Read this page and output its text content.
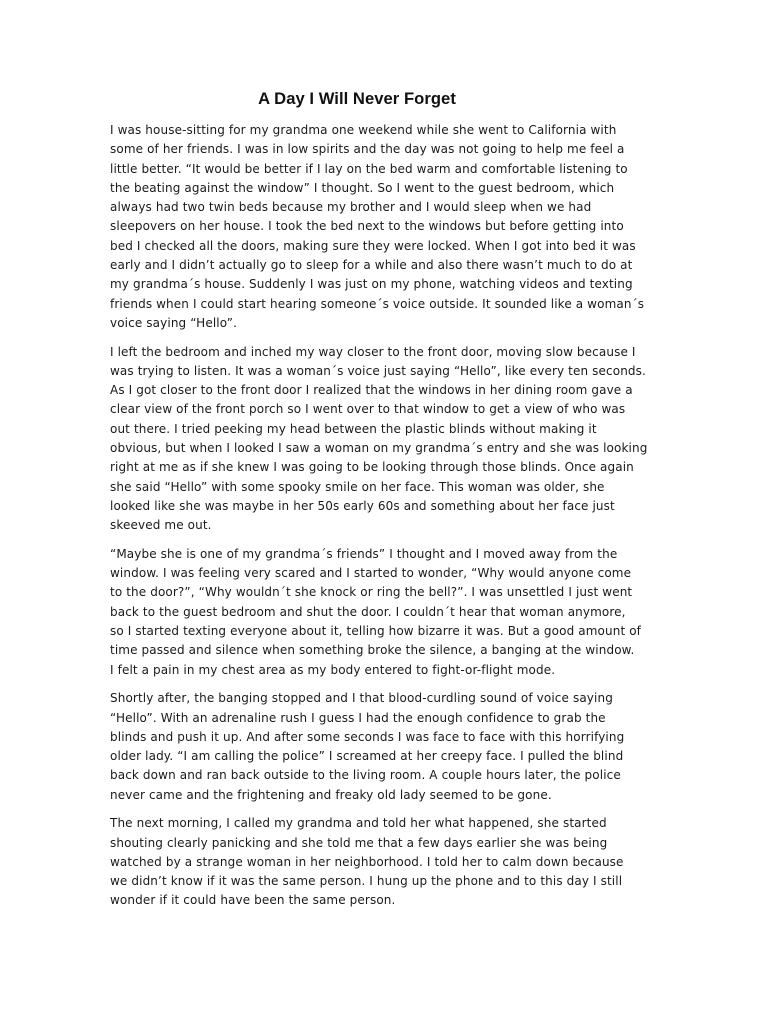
A Day I Will Never Forget

I was house-sitting for my grandma one weekend while she went to California with
some of her friends. I was in low spirits and the day was not going to help me feel a
little better. “It would be better if I lay on the bed warm and comfortable listening to
the beating against the window” I thought. So I went to the guest bedroom, which
always had two twin beds because my brother and I would sleep when we had
sleepovers on her house. I took the bed next to the windows but before getting into
bed I checked all the doors, making sure they were locked. When I got into bed it was
early and I didn’t actually go to sleep for a while and also there wasn’t much to do at
my grandma´s house. Suddenly I was just on my phone, watching videos and texting
friends when I could start hearing someone´s voice outside. It sounded like a woman´s
voice saying “Hello”.

I left the bedroom and inched my way closer to the front door, moving slow because I
was trying to listen. It was a woman´s voice just saying “Hello”, like every ten seconds.
As I got closer to the front door I realized that the windows in her dining room gave a
clear view of the front porch so I went over to that window to get a view of who was
out there. I tried peeking my head between the plastic blinds without making it
obvious, but when I looked I saw a woman on my grandma´s entry and she was looking
right at me as if she knew I was going to be looking through those blinds. Once again
she said “Hello” with some spooky smile on her face. This woman was older, she
looked like she was maybe in her 50s early 60s and something about her face just
skeeved me out.

“Maybe she is one of my grandma´s friends” I thought and I moved away from the
window. I was feeling very scared and I started to wonder, “Why would anyone come
to the door?”, “Why wouldn´t she knock or ring the bell?”. I was unsettled I just went
back to the guest bedroom and shut the door. I couldn´t hear that woman anymore,
so I started texting everyone about it, telling how bizarre it was. But a good amount of
time passed and silence when something broke the silence, a banging at the window.
I felt a pain in my chest area as my body entered to fight-or-flight mode.

Shortly after, the banging stopped and I that blood-curdling sound of voice saying
“Hello”. With an adrenaline rush I guess I had the enough confidence to grab the
blinds and push it up. And after some seconds I was face to face with this horrifying
older lady. “I am calling the police” I screamed at her creepy face. I pulled the blind
back down and ran back outside to the living room. A couple hours later, the police
never came and the frightening and freaky old lady seemed to be gone.

The next morning, I called my grandma and told her what happened, she started
shouting clearly panicking and she told me that a few days earlier she was being
watched by a strange woman in her neighborhood. I told her to calm down because
we didn’t know if it was the same person. I hung up the phone and to this day I still
wonder if it could have been the same person.
